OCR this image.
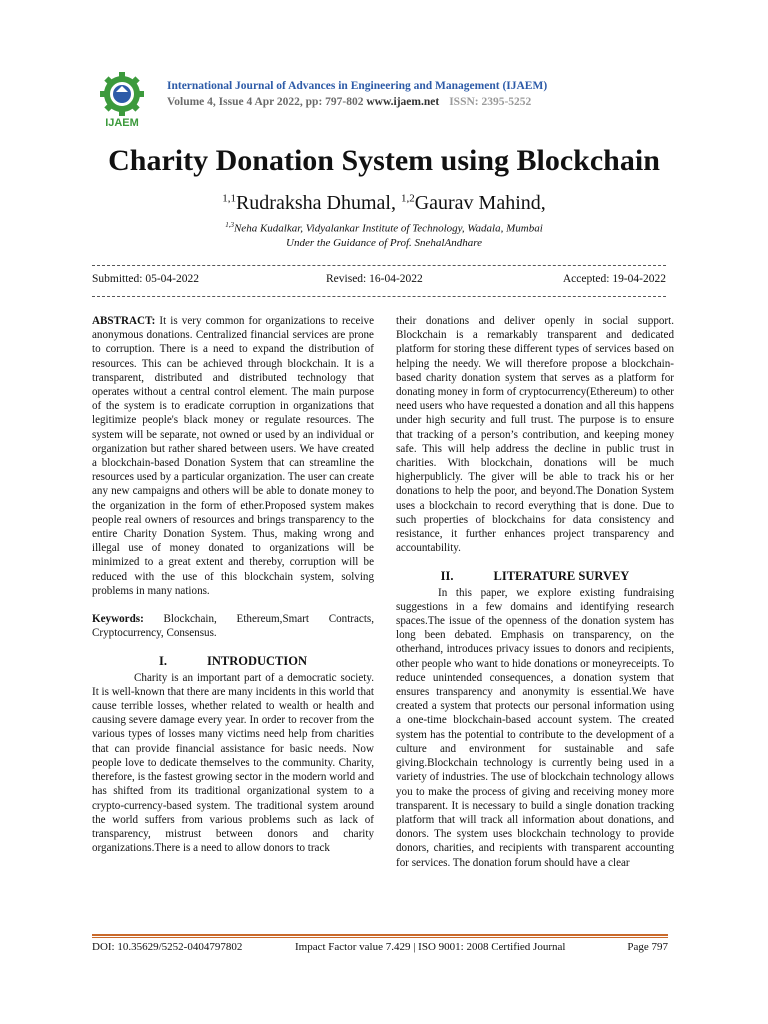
IJAEM
International Journal of Advances in Engineering and Management (IJAEM)
Volume 4, Issue 4 Apr 2022, pp: 797-802 www.ijaem.net ISSN: 2395-5252
Charity Donation System using Blockchain
$^{1,1}$Rudraksha Dhumal, $^{1,2}$Gaurav Mahind,
$^{1,3}$Neha Kudalkar, Vidyalankar Institute of Technology, Wadala, Mumbai
Under the Guidance of Prof. SnehalAndhare
Submitted: 05-04-2022	Revised: 16-04-2022	Accepted: 19-04-2022

ABSTRACT: It is very common for organizations to receive anonymous donations. Centralized financial services are prone to corruption. There is a need to expand the distribution of resources. This can be achieved through blockchain. It is a transparent, distributed and distributed technology that operates without a central control element. The main purpose of the system is to eradicate corruption in organizations that legitimize people's black money or regulate resources. The system will be separate, not owned or used by an individual or organization but rather shared between users. We have created a blockchain-based Donation System that can streamline the resources used by a particular organization. The user can create any new campaigns and others will be able to donate money to the organization in the form of ether.Proposed system makes people real owners of resources and brings transparency to the entire Charity Donation System. Thus, making wrong and illegal use of money donated to organizations will be minimized to a great extent and thereby, corruption will be reduced with the use of this blockchain system, solving problems in many nations.

Keywords: Blockchain, Ethereum,Smart Contracts, Cryptocurrency, Consensus.

I.	INTRODUCTION

Charity is an important part of a democratic society. It is well-known that there are many incidents in this world that cause terrible losses, whether related to wealth or health and causing severe damage every year. In order to recover from the various types of losses many victims need help from charities that can provide financial assistance for basic needs. Now people love to dedicate themselves to the community. Charity, therefore, is the fastest growing sector in the modern world and has shifted from its traditional organizational system to a crypto-currency-based system. The traditional system around the world suffers from various problems such as lack of transparency, mistrust between donors and charity organizations.There is a need to allow donors to track

their donations and deliver openly in social support. Blockchain is a remarkably transparent and dedicated platform for storing these different types of services based on helping the needy. We will therefore propose a blockchain-based charity donation system that serves as a platform for donating money in form of cryptocurrency(Ethereum) to other need users who have requested a donation and all this happens under high security and full trust. The purpose is to ensure that tracking of a person’s contribution, and keeping money safe. This will help address the decline in public trust in charities. With blockchain, donations will be much higherpublicly. The giver will be able to track his or her donations to help the poor, and beyond.The Donation System uses a blockchain to record everything that is done. Due to such properties of blockchains for data consistency and resistance, it further enhances project transparency and accountability.

II.	LITERATURE SURVEY

In this paper, we explore existing fundraising suggestions in a few domains and identifying research spaces.The issue of the openness of the donation system has long been debated. Emphasis on transparency, on the otherhand, introduces privacy issues to donors and recipients, other people who want to hide donations or moneyreceipts. To reduce unintended consequences, a donation system that ensures transparency and anonymity is essential.We have created a system that protects our personal information using a one-time blockchain-based account system. The created system has the potential to contribute to the development of a culture and environment for sustainable and safe giving.Blockchain technology is currently being used in a variety of industries. The use of blockchain technology allows you to make the process of giving and receiving money more transparent. It is necessary to build a single donation tracking platform that will track all information about donations, and donors. The system uses blockchain technology to provide donors, charities, and recipients with transparent accounting for services. The donation forum should have a clear

DOI: 10.35629/5252-0404797802	Impact Factor value 7.429 | ISO 9001: 2008 Certified Journal	Page 797
